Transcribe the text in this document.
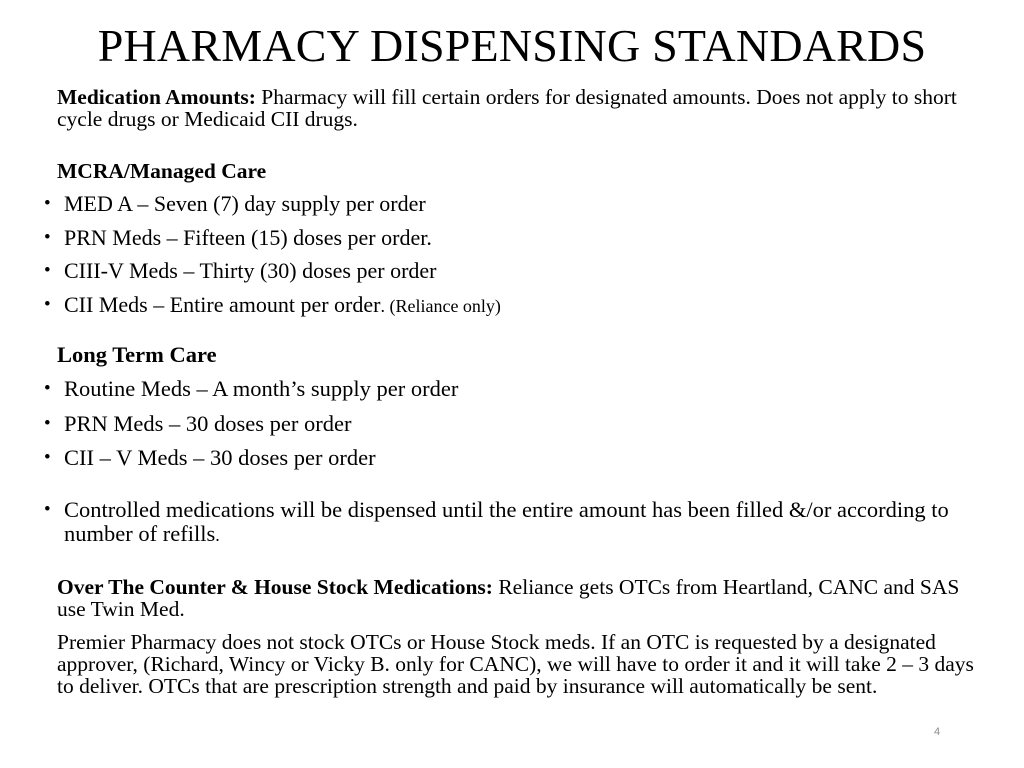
PHARMACY DISPENSING STANDARDS
Medication Amounts: Pharmacy will fill certain orders for designated amounts. Does not apply to short cycle drugs or Medicaid CII drugs.
MCRA/Managed Care
• MED A – Seven (7) day supply per order
• PRN Meds – Fifteen (15) doses per order.
• CIII-V Meds – Thirty (30) doses per order
• CII Meds – Entire amount per order. (Reliance only)
Long Term Care
• Routine Meds – A month’s supply per order
• PRN Meds – 30 doses per order
• CII – V Meds – 30 doses per order
• Controlled medications will be dispensed until the entire amount has been filled &/or according to number of refills.
Over The Counter & House Stock Medications: Reliance gets OTCs from Heartland, CANC and SAS use Twin Med.
Premier Pharmacy does not stock OTCs or House Stock meds. If an OTC is requested by a designated approver, (Richard, Wincy or Vicky B. only for CANC), we will have to order it and it will take 2 – 3 days to deliver. OTCs that are prescription strength and paid by insurance will automatically be sent.
4
